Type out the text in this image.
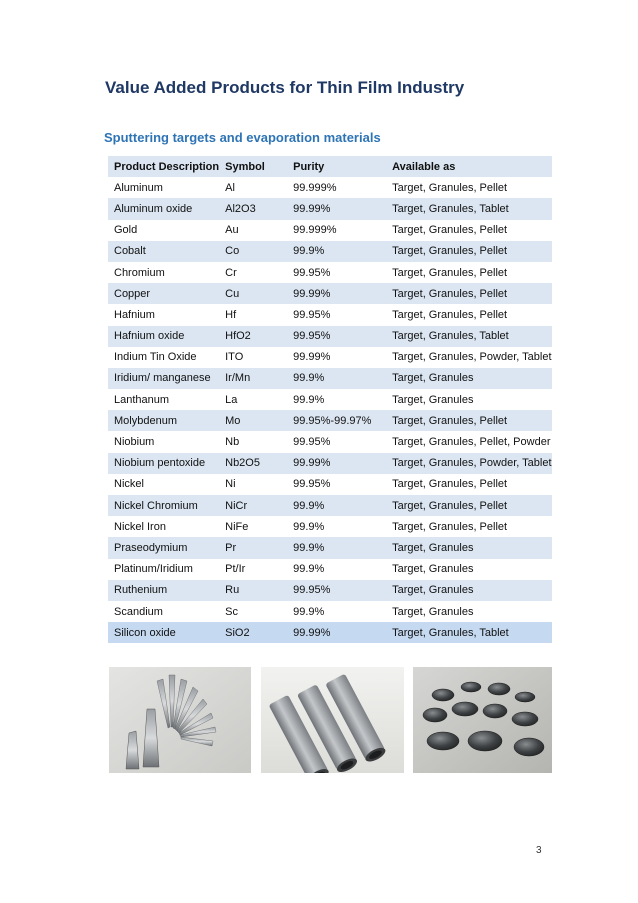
Value Added Products for Thin Film Industry
Sputtering targets and evaporation materials
Product Description	Symbol	Purity	Available as
Aluminum	Al	99.999%	Target, Granules, Pellet
Aluminum oxide	Al2O3	99.99%	Target, Granules, Tablet
Gold	Au	99.999%	Target, Granules, Pellet
Cobalt	Co	99.9%	Target, Granules, Pellet
Chromium	Cr	99.95%	Target, Granules, Pellet
Copper	Cu	99.99%	Target, Granules, Pellet
Hafnium	Hf	99.95%	Target, Granules, Pellet
Hafnium oxide	HfO2	99.95%	Target, Granules, Tablet
Indium Tin Oxide	ITO	99.99%	Target, Granules, Powder, Tablet
Iridium/ manganese	Ir/Mn	99.9%	Target, Granules
Lanthanum	La	99.9%	Target, Granules
Molybdenum	Mo	99.95%-99.97%	Target, Granules, Pellet
Niobium	Nb	99.95%	Target, Granules, Pellet, Powder
Niobium pentoxide	Nb2O5	99.99%	Target, Granules, Powder, Tablet
Nickel	Ni	99.95%	Target, Granules, Pellet
Nickel Chromium	NiCr	99.9%	Target, Granules, Pellet
Nickel Iron	NiFe	99.9%	Target, Granules, Pellet
Praseodymium	Pr	99.9%	Target, Granules
Platinum/Iridium	Pt/Ir	99.9%	Target, Granules
Ruthenium	Ru	99.95%	Target, Granules
Scandium	Sc	99.9%	Target, Granules
Silicon oxide	SiO2	99.99%	Target, Granules, Tablet
3
